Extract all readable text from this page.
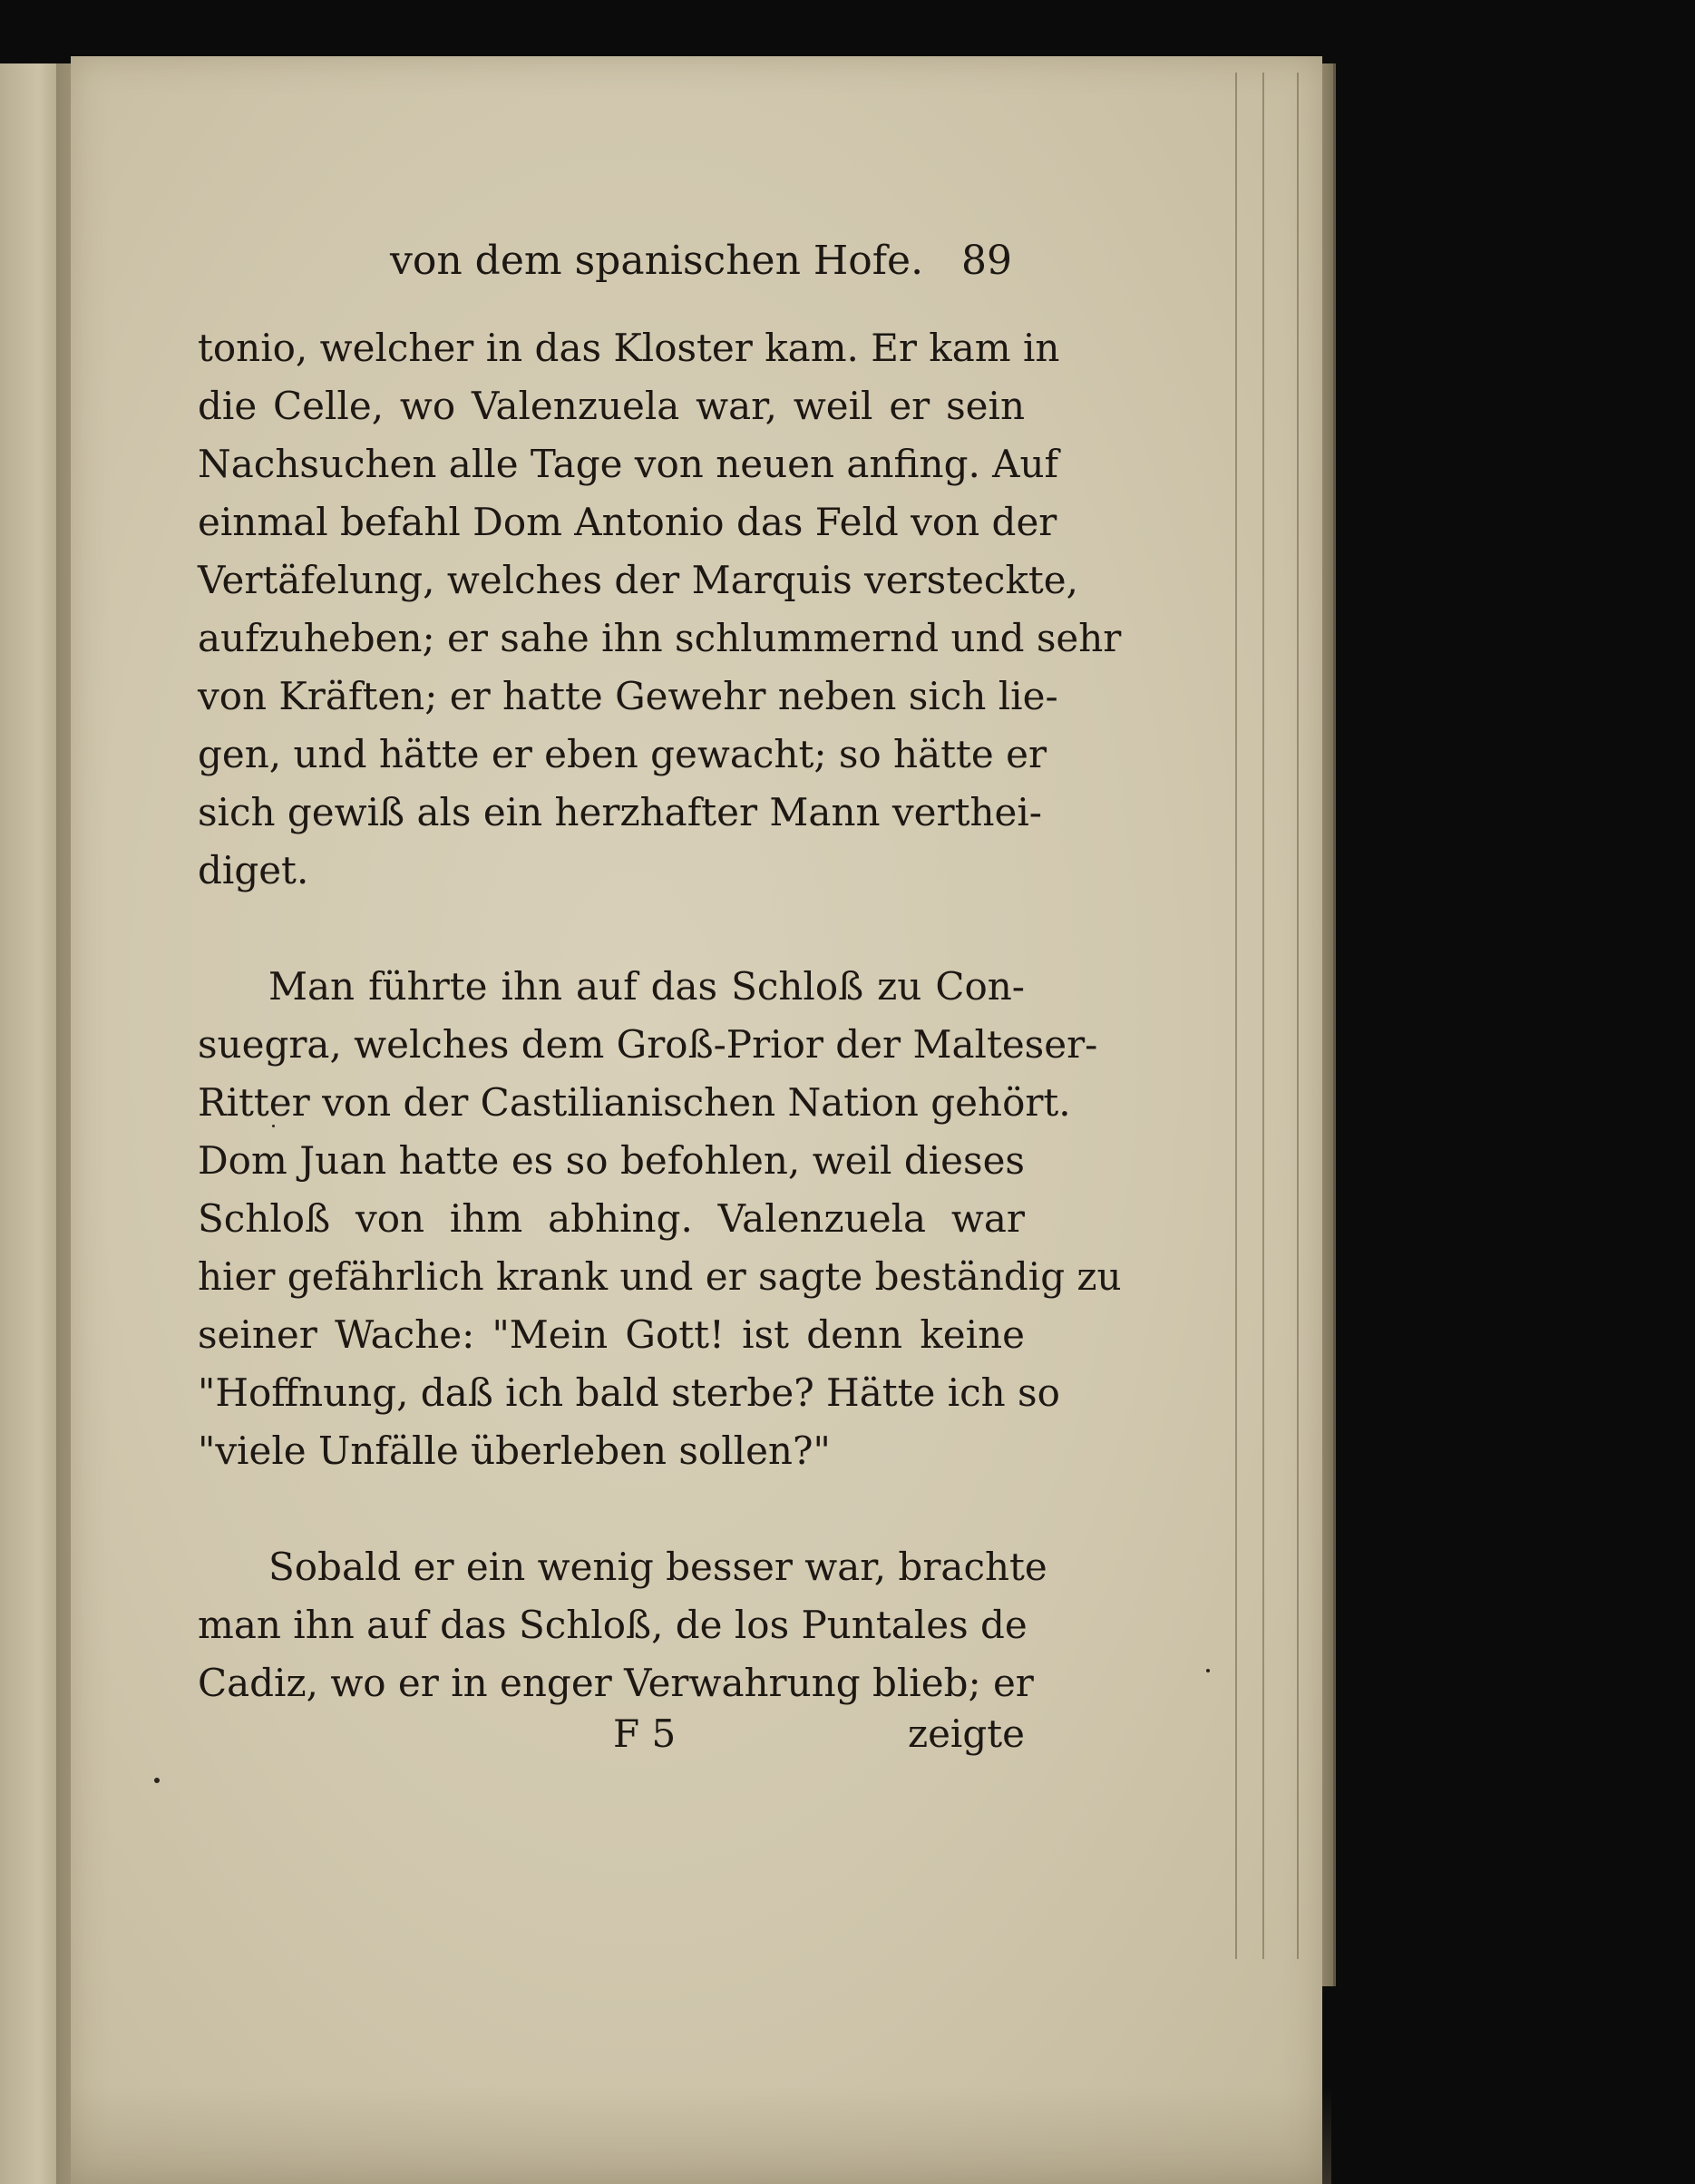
von dem spanischen Hofe. 89
tonio, welcher in das Kloster kam. Er kam in
die Celle, wo Valenzuela war, weil er sein
Nachsuchen alle Tage von neuen anfing. Auf
einmal befahl Dom Antonio das Feld von der
Vertäfelung, welches der Marquis versteckte,
aufzuheben; er sahe ihn schlummernd und sehr
von Kräften; er hatte Gewehr neben sich lie-
gen, und hätte er eben gewacht; so hätte er
sich gewiß als ein herzhafter Mann verthei-
diget.
Man führte ihn auf das Schloß zu Con-
suegra, welches dem Groß-Prior der Malteser-
Ritter von der Castilianischen Nation gehört.
Dom Juan hatte es so befohlen, weil dieses
Schloß von ihm abhing. Valenzuela war
hier gefährlich krank und er sagte beständig zu
seiner Wache: "Mein Gott! ist denn keine
"Hoffnung, daß ich bald sterbe? Hätte ich so
"viele Unfälle überleben sollen?"
Sobald er ein wenig besser war, brachte
man ihn auf das Schloß, de los Puntales de
Cadiz, wo er in enger Verwahrung blieb; er
F 5	zeigte
